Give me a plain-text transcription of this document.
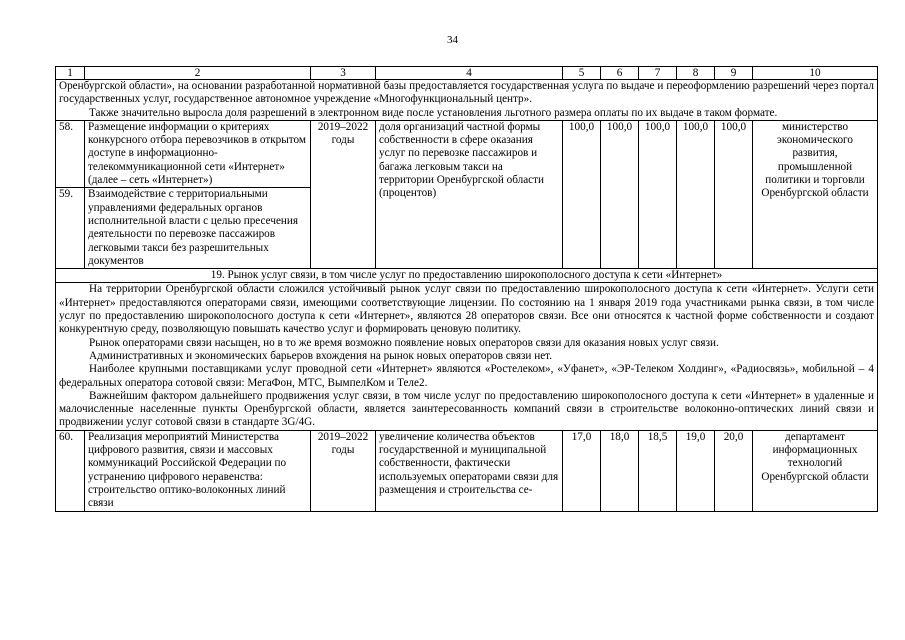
34
1	2	3	4	5	6	7	8	9	10

Оренбургской области», на основании разработанной нормативной базы предоставляется государственная услуга по выдаче и переоформлению разрешений через портал государственных услуг, государственное автономное учреждение «Многофункциональный центр».

Также значительно выросла доля разрешений в электронном виде после установления льготного размера оплаты по их выдаче в таком формате.									

58.	Размещение информации о критериях конкурсного отбора перевозчиков в открытом доступе в информационно-телекоммуникационной сети «Интернет» (далее – сеть «Интернет»)	2019–2022 годы	доля организаций частной формы собственности в сфере оказания услуг по перевозке пассажиров и багажа легковым такси на территории Оренбургской области (процентов)	100,0	100,0	100,0	100,0	100,0	министерство экономического развития, промышленной политики и торговли Оренбургской области
59.	Взаимодействие с территориальными управлениями федеральных органов исполнительной власти с целью пресечения деятельности по перевозке пассажиров легковыми такси без разрешительных документов								
19. Рынок услуг связи, в том числе услуг по предоставлению широкополосного доступа к сети «Интернет»									

На территории Оренбургской области сложился устойчивый рынок услуг связи по предоставлению широкополосного доступа к сети «Интернет». Услуги сети «Интернет» предоставляются операторами связи, имеющими соответствующие лицензии. По состоянию на 1 января 2019 года участниками рынка связи, в том числе услуг по предоставлению широкополосного доступа к сети «Интернет», являются 28 операторов связи. Все они относятся к частной форме собственности и создают конкурентную среду, позволяющую повышать качество услуг и формировать ценовую политику.

Рынок операторами связи насыщен, но в то же время возможно появление новых операторов связи для оказания новых услуг связи.

Административных и экономических барьеров вхождения на рынок новых операторов связи нет.

Наиболее крупными поставщиками услуг проводной сети «Интернет» являются «Ростелеком», «Уфанет», «ЭР-Телеком Холдинг», «Радиосвязь», мобильной – 4 федеральных оператора сотовой связи: МегаФон, МТС, ВымпелКом и Теле2.

Важнейшим фактором дальнейшего продвижения услуг связи, в том числе услуг по предоставлению широкополосного доступа к сети «Интернет» в удаленные и малочисленные населенные пункты Оренбургской области, является заинтересованность компаний связи в строительстве волоконно-оптических линий связи и продвижении услуг сотовой связи в стандарте 3G/4G.									

60.	Реализация мероприятий Министерства цифрового развития, связи и массовых коммуникаций Российской Федерации по устранению цифрового неравенства: строительство оптико-волоконных линий связи	2019–2022 годы	увеличение количества объектов государственной и муниципальной собственности, фактически используемых операторами связи для размещения и строительства се-	17,0	18,0	18,5	19,0	20,0	департамент информационных технологий Оренбургской области
